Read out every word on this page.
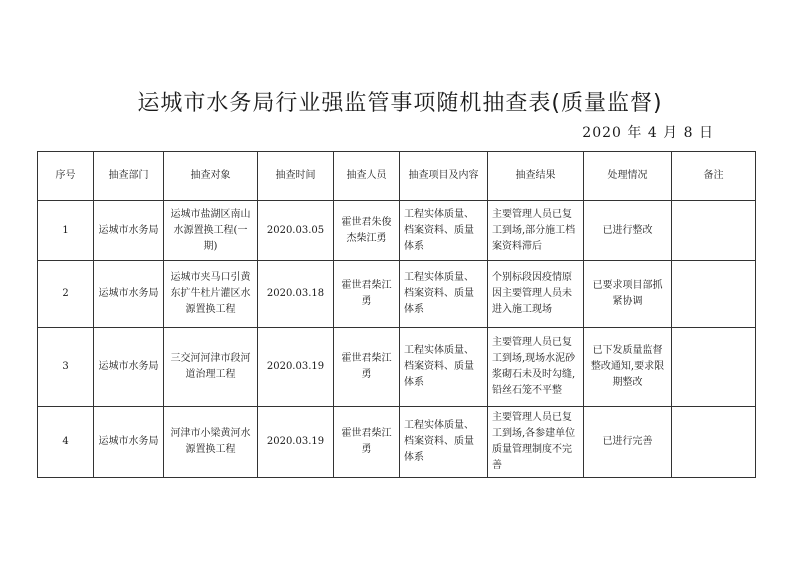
运城市水务局行业强监管事项随机抽查表(质量监督)
2020 年 4 月 8 日
序号	抽查部门	抽查对象	抽查时间	抽查人员	抽查项目及内容	抽查结果	处理情况	备注
1	运城市水务局	运城市盐湖区南山水源置换工程(一期)	2020.03.05	霍世君朱俊杰柴江勇	工程实体质量、档案资料、质量体系	主要管理人员已复工到场,部分施工档案资料滞后	已进行整改	
2	运城市水务局	运城市夹马口引黄东扩牛杜片灌区水源置换工程	2020.03.18	霍世君柴江勇	工程实体质量、档案资料、质量体系	个别标段因疫情原因主要管理人员未进入施工现场	已要求项目部抓紧协调	
3	运城市水务局	三交河河津市段河道治理工程	2020.03.19	霍世君柴江勇	工程实体质量、档案资料、质量体系	主要管理人员已复工到场,现场水泥砂浆砌石未及时勾缝,铅丝石笼不平整	已下发质量监督整改通知,要求限期整改	
4	运城市水务局	河津市小梁黄河水源置换工程	2020.03.19	霍世君柴江勇	工程实体质量、档案资料、质量体系	主要管理人员已复工到场,各参建单位质量管理制度不完善	已进行完善	
